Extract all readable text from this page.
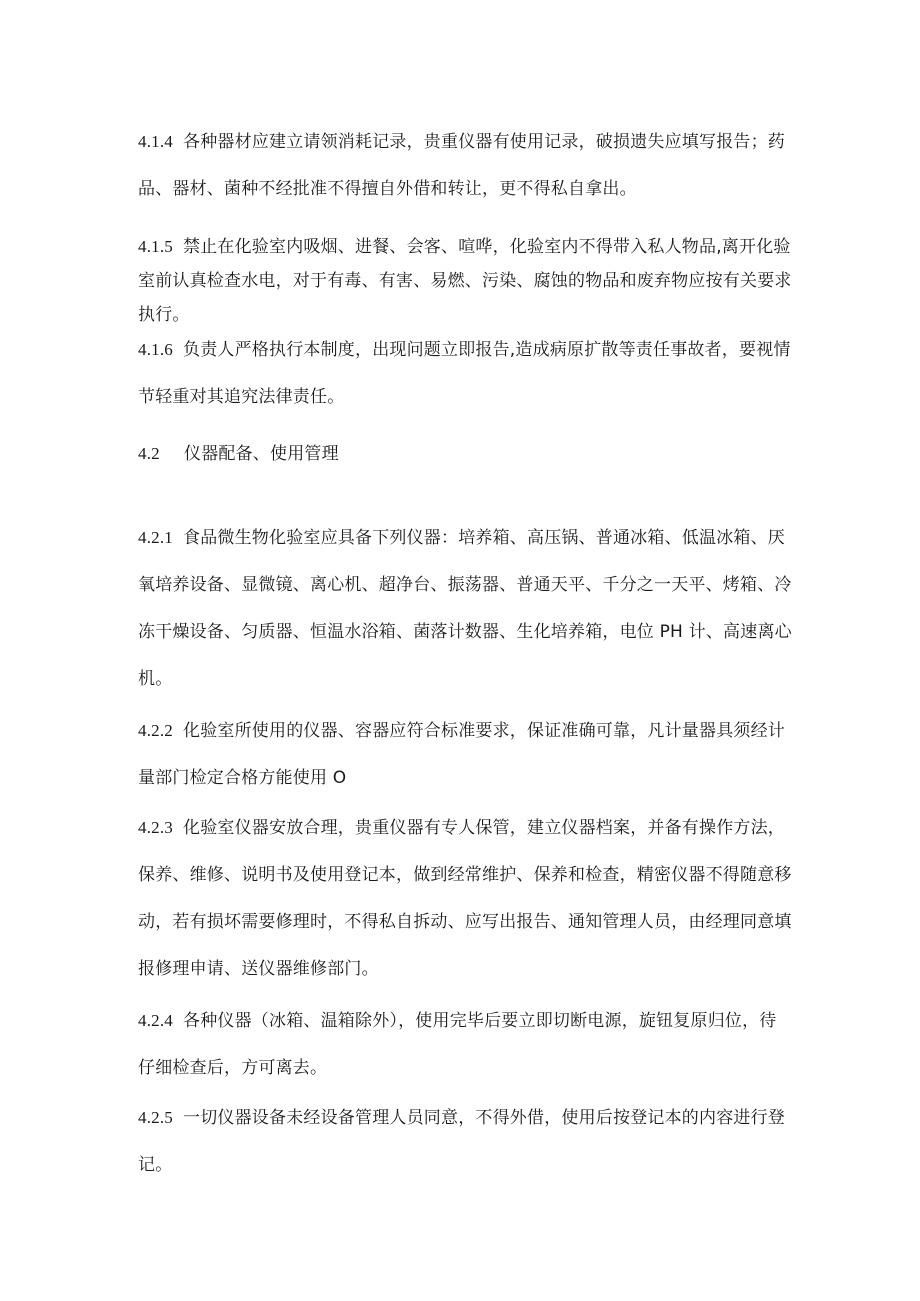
4.1.4 各种器材应建立请领消耗记录，贵重仪器有使用记录，破损遗失应填写报告；药
品、器材、菌种不经批准不得擅自外借和转让，更不得私自拿出。
4.1.5 禁止在化验室内吸烟、进餐、会客、喧哗，化验室内不得带入私人物品,离开化验
室前认真检查水电，对于有毒、有害、易燃、污染、腐蚀的物品和废弃物应按有关要求
执行。
4.1.6 负责人严格执行本制度，出现问题立即报告,造成病原扩散等责任事故者，要视情
节轻重对其追究法律责任。
4.2 仪器配备、使用管理
4.2.1 食品微生物化验室应具备下列仪器：培养箱、高压锅、普通冰箱、低温冰箱、厌
氧培养设备、显微镜、离心机、超净台、振荡器、普通天平、千分之一天平、烤箱、冷
冻干燥设备、匀质器、恒温水浴箱、菌落计数器、生化培养箱，电位 PH 计、高速离心
机。
4.2.2 化验室所使用的仪器、容器应符合标准要求，保证准确可靠，凡计量器具须经计
量部门检定合格方能使用 O
4.2.3 化验室仪器安放合理，贵重仪器有专人保管，建立仪器档案，并备有操作方法，
保养、维修、说明书及使用登记本，做到经常维护、保养和检查，精密仪器不得随意移
动，若有损坏需要修理时，不得私自拆动、应写出报告、通知管理人员，由经理同意填
报修理申请、送仪器维修部门。
4.2.4 各种仪器（冰箱、温箱除外），使用完毕后要立即切断电源，旋钮复原归位，待
仔细检查后，方可离去。
4.2.5 一切仪器设备未经设备管理人员同意，不得外借，使用后按登记本的内容进行登
记。
